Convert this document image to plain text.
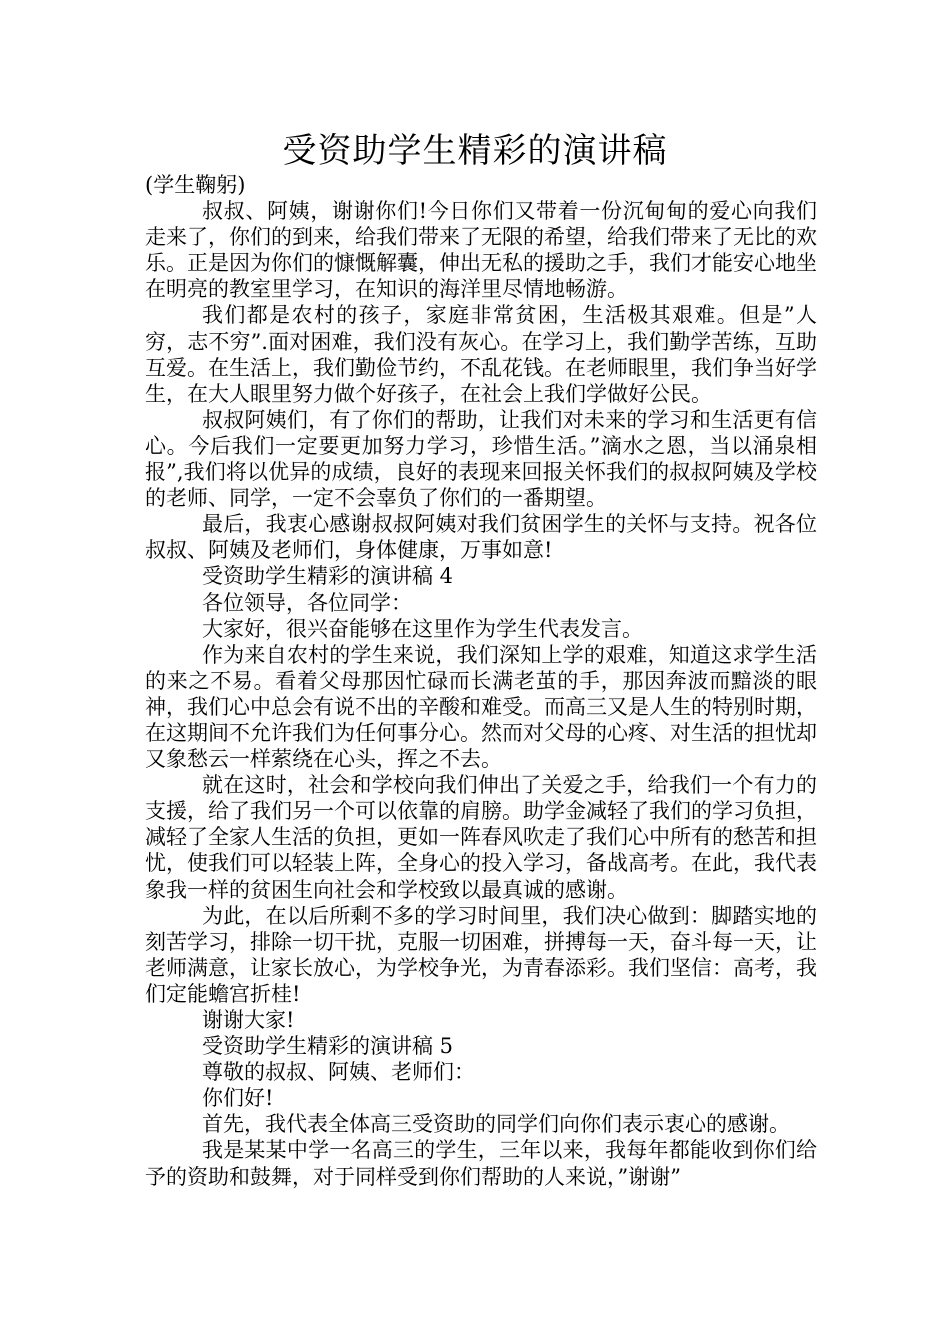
受资助学生精彩的演讲稿

(学生鞠躬)

叔叔、阿姨，谢谢你们!今日你们又带着一份沉甸甸的爱心向我们走来了，你们的到来，给我们带来了无限的希望，给我们带来了无比的欢乐。正是因为你们的慷慨解囊，伸出无私的援助之手，我们才能安心地坐在明亮的教室里学习，在知识的海洋里尽情地畅游。

我们都是农村的孩子，家庭非常贫困，生活极其艰难。但是”人穷，志不穷”.面对困难，我们没有灰心。在学习上，我们勤学苦练，互助互爱。在生活上，我们勤俭节约，不乱花钱。在老师眼里，我们争当好学生，在大人眼里努力做个好孩子，在社会上我们学做好公民。

叔叔阿姨们，有了你们的帮助，让我们对未来的学习和生活更有信心。今后我们一定要更加努力学习，珍惜生活。”滴水之恩，当以涌泉相报”,我们将以优异的成绩，良好的表现来回报关怀我们的叔叔阿姨及学校的老师、同学，一定不会辜负了你们的一番期望。

最后，我衷心感谢叔叔阿姨对我们贫困学生的关怀与支持。祝各位叔叔、阿姨及老师们，身体健康，万事如意!

受资助学生精彩的演讲稿 4

各位领导，各位同学：

大家好，很兴奋能够在这里作为学生代表发言。

作为来自农村的学生来说，我们深知上学的艰难，知道这求学生活的来之不易。看着父母那因忙碌而长满老茧的手，那因奔波而黯淡的眼神，我们心中总会有说不出的辛酸和难受。而高三又是人生的特别时期，在这期间不允许我们为任何事分心。然而对父母的心疼、对生活的担忧却又象愁云一样萦绕在心头，挥之不去。

就在这时，社会和学校向我们伸出了关爱之手，给我们一个有力的支援，给了我们另一个可以依靠的肩膀。助学金减轻了我们的学习负担，减轻了全家人生活的负担，更如一阵春风吹走了我们心中所有的愁苦和担忧，使我们可以轻装上阵，全身心的投入学习，备战高考。在此，我代表象我一样的贫困生向社会和学校致以最真诚的感谢。

为此，在以后所剩不多的学习时间里，我们决心做到：脚踏实地的刻苦学习，排除一切干扰，克服一切困难，拼搏每一天，奋斗每一天，让老师满意，让家长放心，为学校争光，为青春添彩。我们坚信：高考，我们定能蟾宫折桂!

谢谢大家!

受资助学生精彩的演讲稿 5

尊敬的叔叔、阿姨、老师们：

你们好!

首先，我代表全体高三受资助的同学们向你们表示衷心的感谢。

我是某某中学一名高三的学生，三年以来，我每年都能收到你们给予的资助和鼓舞，对于同样受到你们帮助的人来说，”谢谢”
